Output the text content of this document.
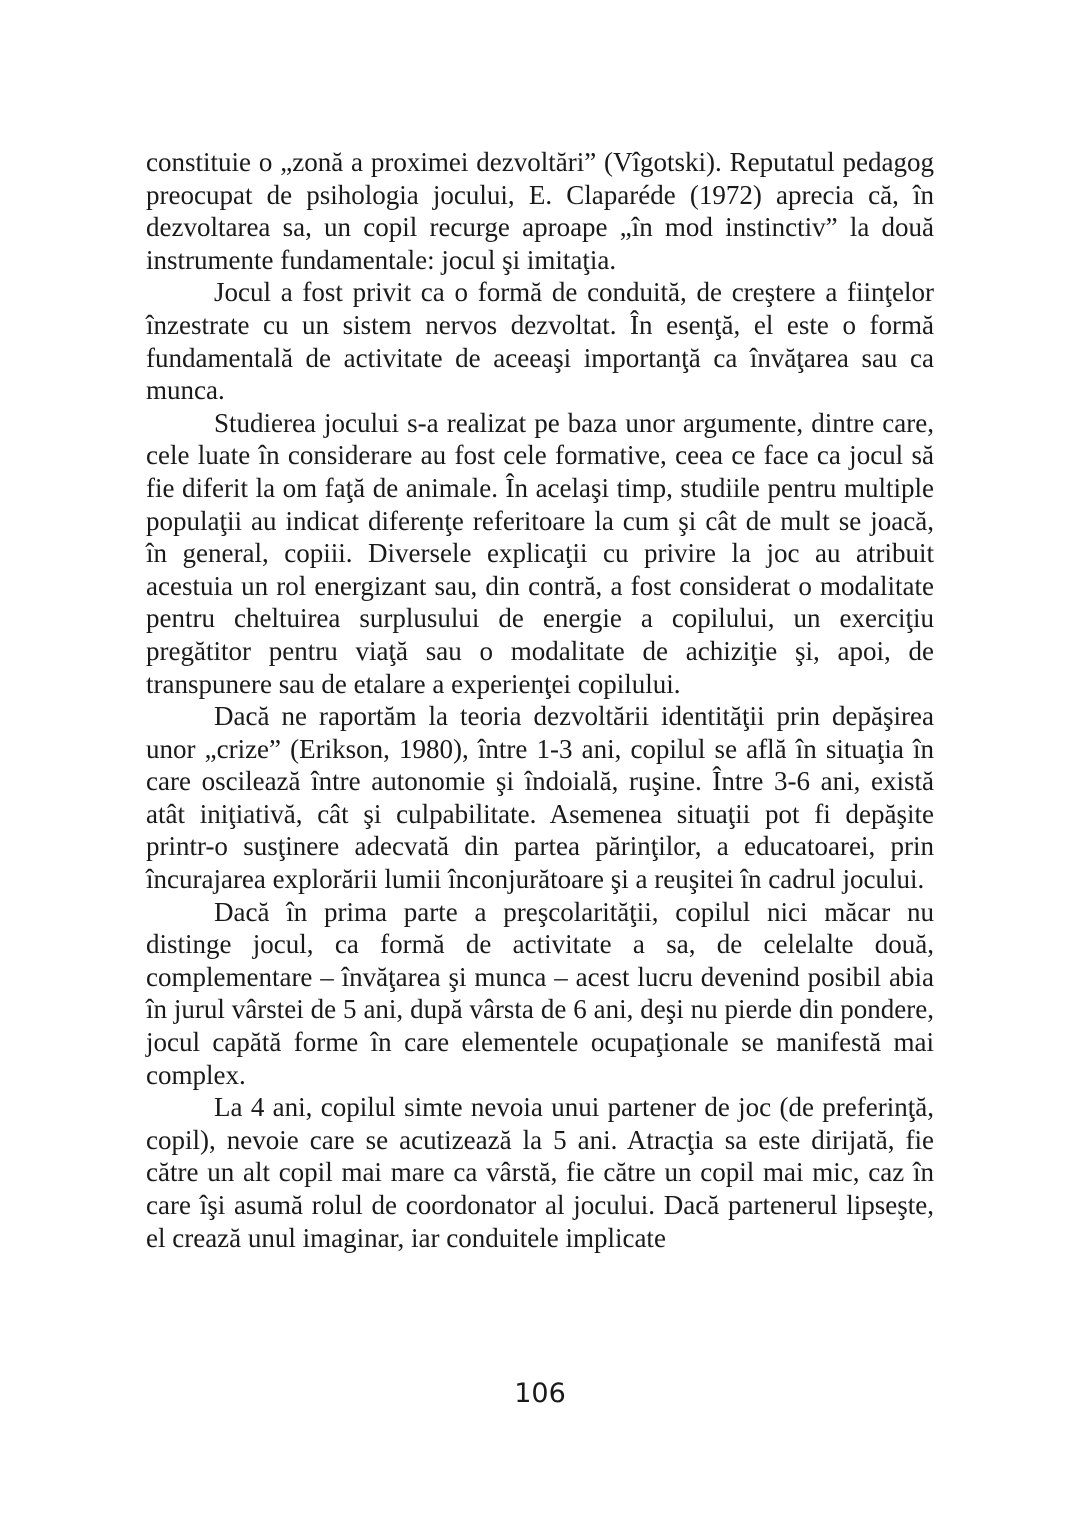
constituie o „zonă a proximei dezvoltări” (Vîgotski). Reputatul pedagog preocupat de psihologia jocului, E. Claparéde (1972) aprecia că, în dezvoltarea sa, un copil recurge aproape „în mod instinctiv” la două instrumente fundamentale: jocul şi imitaţia.

Jocul a fost privit ca o formă de conduită, de creştere a fiinţelor înzestrate cu un sistem nervos dezvoltat. În esenţă, el este o formă fundamentală de activitate de aceeaşi importanţă ca învăţarea sau ca munca.

Studierea jocului s-a realizat pe baza unor argumente, dintre care, cele luate în considerare au fost cele formative, ceea ce face ca jocul să fie diferit la om faţă de animale. În acelaşi timp, studiile pentru multiple populaţii au indicat diferenţe referitoare la cum şi cât de mult se joacă, în general, copiii. Diversele explicaţii cu privire la joc au atribuit acestuia un rol energizant sau, din contră, a fost considerat o modalitate pentru cheltuirea surplusului de energie a copilului, un exerciţiu pregătitor pentru viaţă sau o modalitate de achiziţie şi, apoi, de transpunere sau de etalare a experienţei copilului.

Dacă ne raportăm la teoria dezvoltării identităţii prin depăşirea unor „crize” (Erikson, 1980), între 1-3 ani, copilul se află în situaţia în care oscilează între autonomie şi îndoială, ruşine. Între 3-6 ani, există atât iniţiativă, cât şi culpabilitate. Asemenea situaţii pot fi depăşite printr-o susţinere adecvată din partea părinţilor, a educatoarei, prin încurajarea explorării lumii înconjurătoare şi a reuşitei în cadrul jocului.

Dacă în prima parte a preşcolarităţii, copilul nici măcar nu distinge jocul, ca formă de activitate a sa, de celelalte două, complementare – învăţarea şi munca – acest lucru devenind posibil abia în jurul vârstei de 5 ani, după vârsta de 6 ani, deşi nu pierde din pondere, jocul capătă forme în care elementele ocupaţionale se manifestă mai complex.

La 4 ani, copilul simte nevoia unui partener de joc (de preferinţă, copil), nevoie care se acutizează la 5 ani. Atracţia sa este dirijată, fie către un alt copil mai mare ca vârstă, fie către un copil mai mic, caz în care îşi asumă rolul de coordonator al jocului. Dacă partenerul lipseşte, el crează unul imaginar, iar conduitele implicate

106
